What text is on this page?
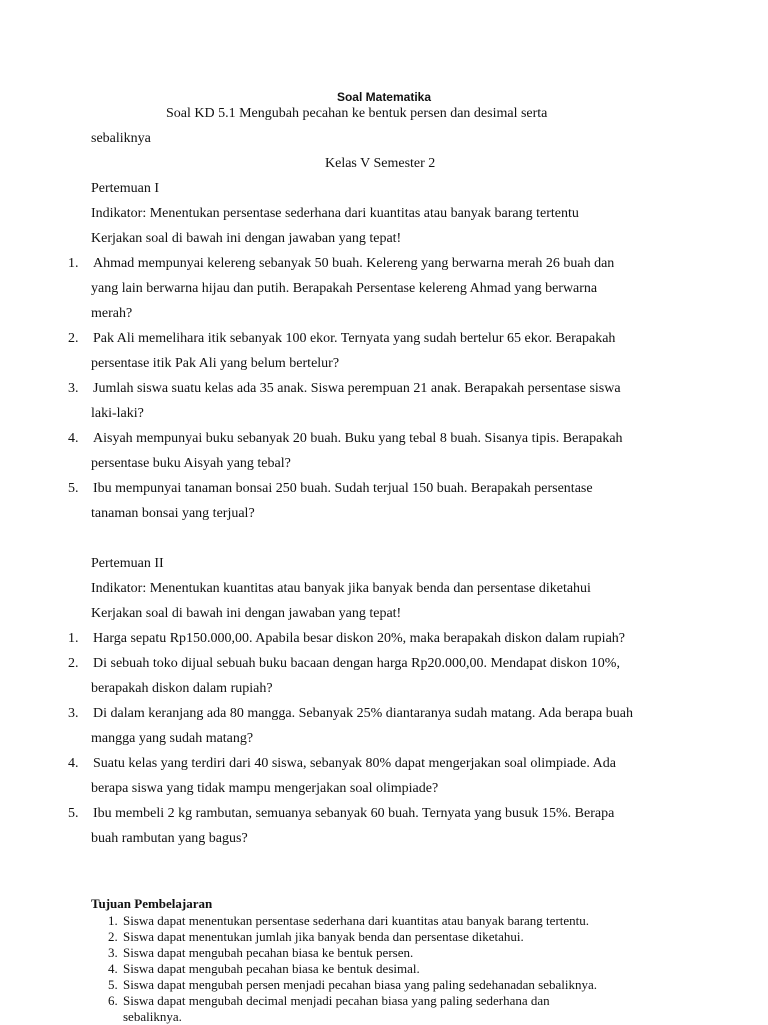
Soal Matematika
Soal KD 5.1 Mengubah pecahan ke bentuk persen dan desimal serta
sebaliknya
Kelas V Semester 2
Pertemuan I
Indikator: Menentukan persentase sederhana dari kuantitas atau banyak barang tertentu
Kerjakan soal di bawah ini dengan jawaban yang tepat!
1. Ahmad mempunyai kelereng sebanyak 50 buah. Kelereng yang berwarna merah 26 buah dan
yang lain berwarna hijau dan putih. Berapakah Persentase kelereng Ahmad yang berwarna
merah?
2. Pak Ali memelihara itik sebanyak 100 ekor. Ternyata yang sudah bertelur 65 ekor. Berapakah
persentase itik Pak Ali yang belum bertelur?
3. Jumlah siswa suatu kelas ada 35 anak. Siswa perempuan 21 anak. Berapakah persentase siswa
laki-laki?
4. Aisyah mempunyai buku sebanyak 20 buah. Buku yang tebal 8 buah. Sisanya tipis. Berapakah
persentase buku Aisyah yang tebal?
5. Ibu mempunyai tanaman bonsai 250 buah. Sudah terjual 150 buah. Berapakah persentase
tanaman bonsai yang terjual?
Pertemuan II
Indikator: Menentukan kuantitas atau banyak jika banyak benda dan persentase diketahui
Kerjakan soal di bawah ini dengan jawaban yang tepat!
1. Harga sepatu Rp150.000,00. Apabila besar diskon 20%, maka berapakah diskon dalam rupiah?
2. Di sebuah toko dijual sebuah buku bacaan dengan harga Rp20.000,00. Mendapat diskon 10%,
berapakah diskon dalam rupiah?
3. Di dalam keranjang ada 80 mangga. Sebanyak 25% diantaranya sudah matang. Ada berapa buah
mangga yang sudah matang?
4. Suatu kelas yang terdiri dari 40 siswa, sebanyak 80% dapat mengerjakan soal olimpiade. Ada
berapa siswa yang tidak mampu mengerjakan soal olimpiade?
5. Ibu membeli 2 kg rambutan, semuanya sebanyak 60 buah. Ternyata yang busuk 15%. Berapa
buah rambutan yang bagus?
Tujuan Pembelajaran
1. Siswa dapat menentukan persentase sederhana dari kuantitas atau banyak barang tertentu.
2. Siswa dapat menentukan jumlah jika banyak benda dan persentase diketahui.
3. Siswa dapat mengubah pecahan biasa ke bentuk persen.
4. Siswa dapat mengubah pecahan biasa ke bentuk desimal.
5. Siswa dapat mengubah persen menjadi pecahan biasa yang paling sedehanadan sebaliknya.
6. Siswa dapat mengubah decimal menjadi pecahan biasa yang paling sederhana dan
sebaliknya.
